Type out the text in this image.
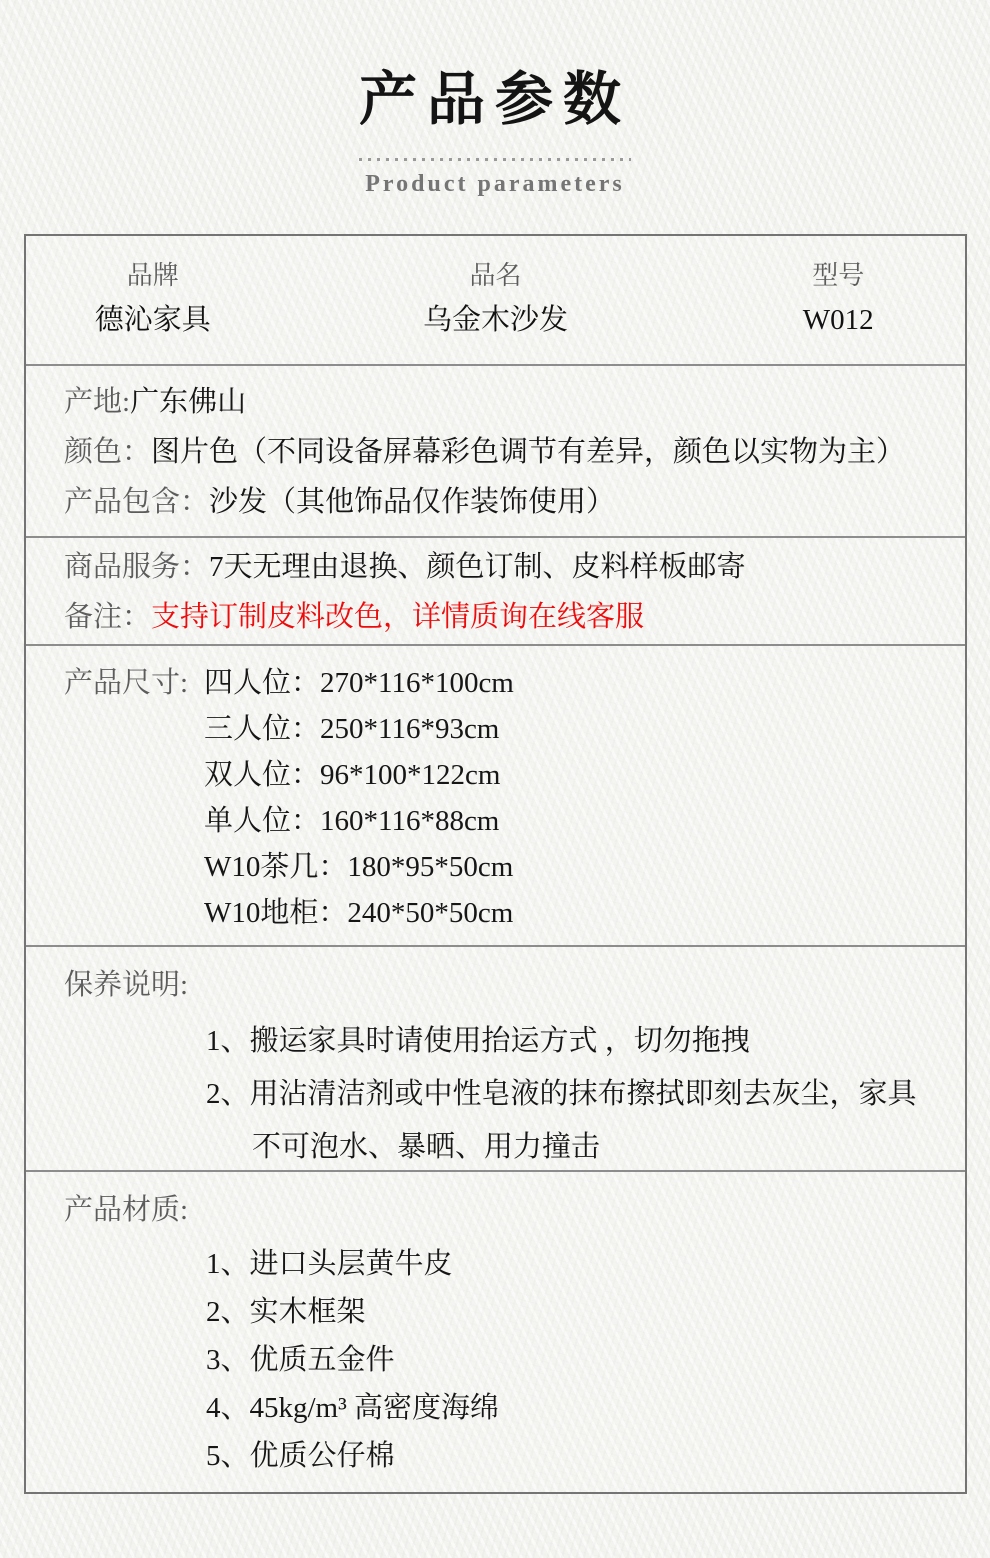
产品参数
Product parameters
品牌
德沁家具
品名
乌金木沙发
型号
W012

产地:广东佛山

颜色：图片色（不同设备屏幕彩色调节有差异，颜色以实物为主）

产品包含：沙发（其他饰品仅作装饰使用）

商品服务：7天无理由退换、颜色订制、皮料样板邮寄

备注：支持订制皮料改色，详情质询在线客服

产品尺寸: 四人位：270*116*100cm

三人位：250*116*93cm

双人位：96*100*122cm

单人位：160*116*88cm

W10茶几：180*95*50cm

W10地柜：240*50*50cm

保养说明:

1、搬运家具时请使用抬运方式 ，切勿拖拽

2、用沾清洁剂或中性皂液的抹布擦拭即刻去灰尘，家具不可泡水、暴晒、用力撞击

产品材质:

1、进口头层黄牛皮

2、实木框架

3、优质五金件

4、45kg/m³ 高密度海绵

5、优质公仔棉
